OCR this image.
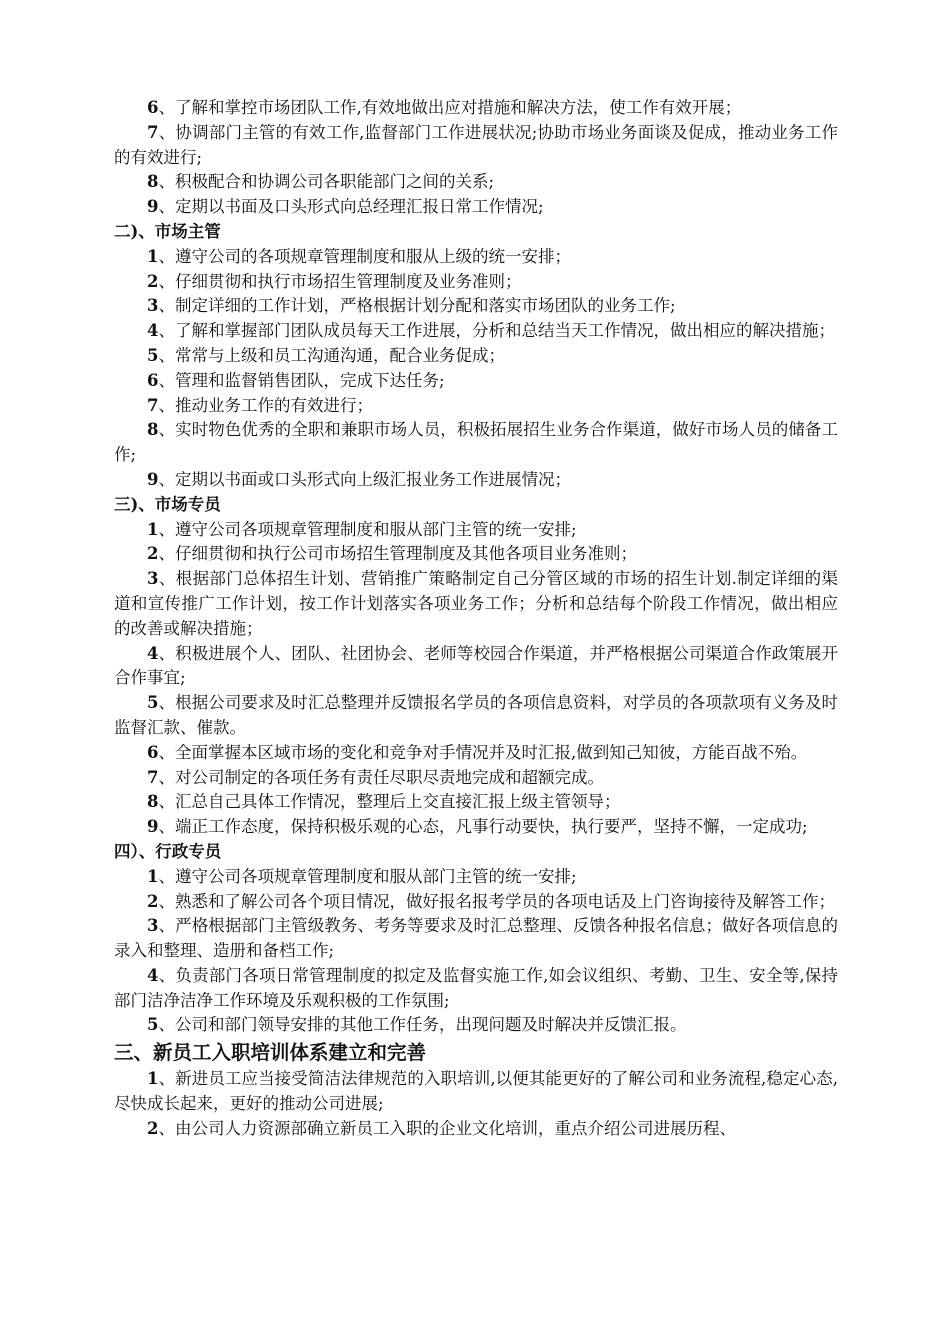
6、了解和掌控市场团队工作,有效地做出应对措施和解决方法，使工作有效开展；

7、协调部门主管的有效工作,监督部门工作进展状况;协助市场业务面谈及促成，推动业务工作的有效进行;

8、积极配合和协调公司各职能部门之间的关系;

9、定期以书面及口头形式向总经理汇报日常工作情况;

二)、市场主管

1、遵守公司的各项规章管理制度和服从上级的统一安排；

2、仔细贯彻和执行市场招生管理制度及业务准则；

3、制定详细的工作计划，严格根据计划分配和落实市场团队的业务工作;

4、了解和掌握部门团队成员每天工作进展，分析和总结当天工作情况，做出相应的解决措施；

5、常常与上级和员工沟通沟通，配合业务促成；

6、管理和监督销售团队，完成下达任务;

7、推动业务工作的有效进行；

8、实时物色优秀的全职和兼职市场人员，积极拓展招生业务合作渠道，做好市场人员的储备工作;

9、定期以书面或口头形式向上级汇报业务工作进展情况；

三)、市场专员

1、遵守公司各项规章管理制度和服从部门主管的统一安排;

2、仔细贯彻和执行公司市场招生管理制度及其他各项目业务准则；

3、根据部门总体招生计划、营销推广策略制定自己分管区域的市场的招生计划.制定详细的渠道和宣传推广工作计划，按工作计划落实各项业务工作；分析和总结每个阶段工作情况，做出相应的改善或解决措施；

4、积极进展个人、团队、社团协会、老师等校园合作渠道，并严格根据公司渠道合作政策展开合作事宜;

5、根据公司要求及时汇总整理并反馈报名学员的各项信息资料，对学员的各项款项有义务及时监督汇款、催款。

6、全面掌握本区域市场的变化和竞争对手情况并及时汇报,做到知己知彼，方能百战不殆。

7、对公司制定的各项任务有责任尽职尽责地完成和超额完成。

8、汇总自己具体工作情况，整理后上交直接汇报上级主管领导；

9、端正工作态度，保持积极乐观的心态，凡事行动要快，执行要严，坚持不懈，一定成功;

四）、行政专员

1、遵守公司各项规章管理制度和服从部门主管的统一安排;

2、熟悉和了解公司各个项目情况，做好报名报考学员的各项电话及上门咨询接待及解答工作；

3、严格根据部门主管级教务、考务等要求及时汇总整理、反馈各种报名信息；做好各项信息的录入和整理、造册和备档工作;

4、负责部门各项日常管理制度的拟定及监督实施工作,如会议组织、考勤、卫生、安全等,保持部门洁净洁净工作环境及乐观积极的工作氛围;

5、公司和部门领导安排的其他工作任务，出现问题及时解决并反馈汇报。

三、新员工入职培训体系建立和完善

1、新进员工应当接受简洁法律规范的入职培训,以便其能更好的了解公司和业务流程,稳定心态,尽快成长起来，更好的推动公司进展;

2、由公司人力资源部确立新员工入职的企业文化培训，重点介绍公司进展历程、
